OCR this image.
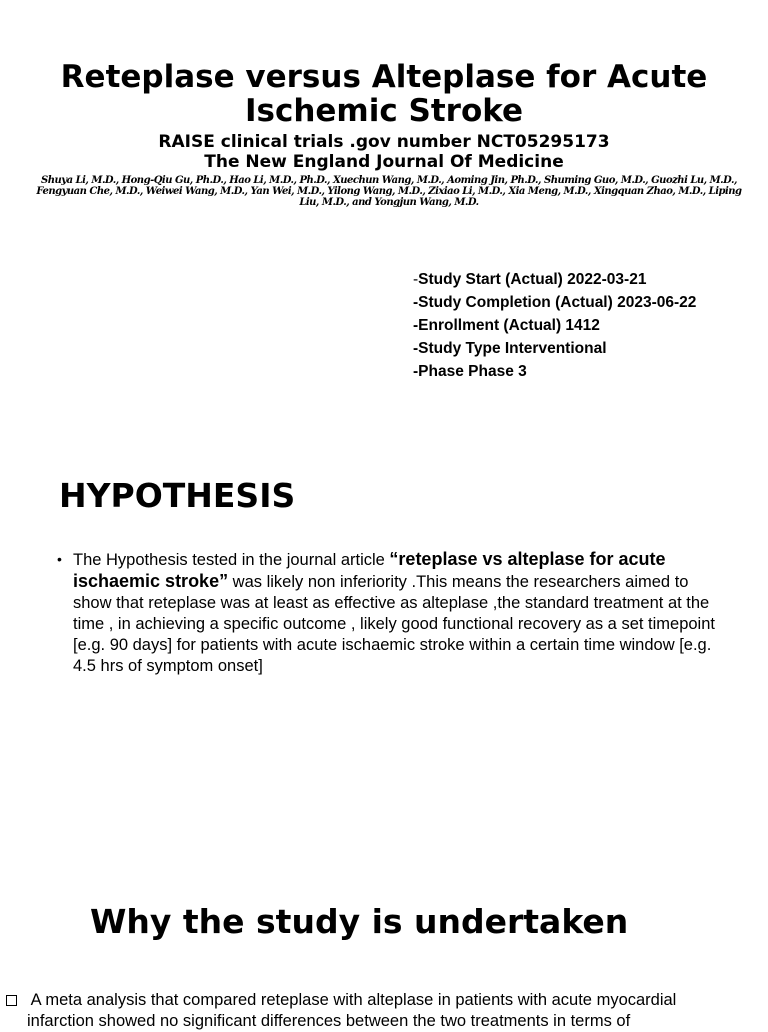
Reteplase versus Alteplase for Acute Ischemic Stroke
RAISE clinical trials .gov number NCT05295173
The New England Journal Of Medicine
Shuya Li, M.D., Hong-Qiu Gu, Ph.D., Hao Li, M.D., Ph.D., Xuechun Wang, M.D., Aoming Jin, Ph.D., Shuming Guo, M.D., Guozhi Lu, M.D., Fengyuan Che, M.D., Weiwei Wang, M.D., Yan Wei, M.D., Yilong Wang, M.D., Zixiao Li, M.D., Xia Meng, M.D., Xingquan Zhao, M.D., Liping Liu, M.D., and Yongjun Wang, M.D.
-Study Start (Actual) 2022-03-21
-Study Completion (Actual) 2023-06-22
-Enrollment (Actual) 1412
-Study Type Interventional
-Phase Phase 3
HYPOTHESIS
• The Hypothesis tested in the journal article “reteplase vs alteplase for acute ischaemic stroke” was likely non inferiority .This means the researchers aimed to show that reteplase was at least as effective as alteplase ,the standard treatment at the time , in achieving a specific outcome , likely good functional recovery as a set timepoint [e.g. 90 days] for patients with acute ischaemic stroke within a certain time window [e.g. 4.5 hrs of symptom onset]
Why the study is undertaken
A meta analysis that compared reteplase with alteplase in patients with acute myocardial
infarction showed no significant differences between the two treatments in terms of
